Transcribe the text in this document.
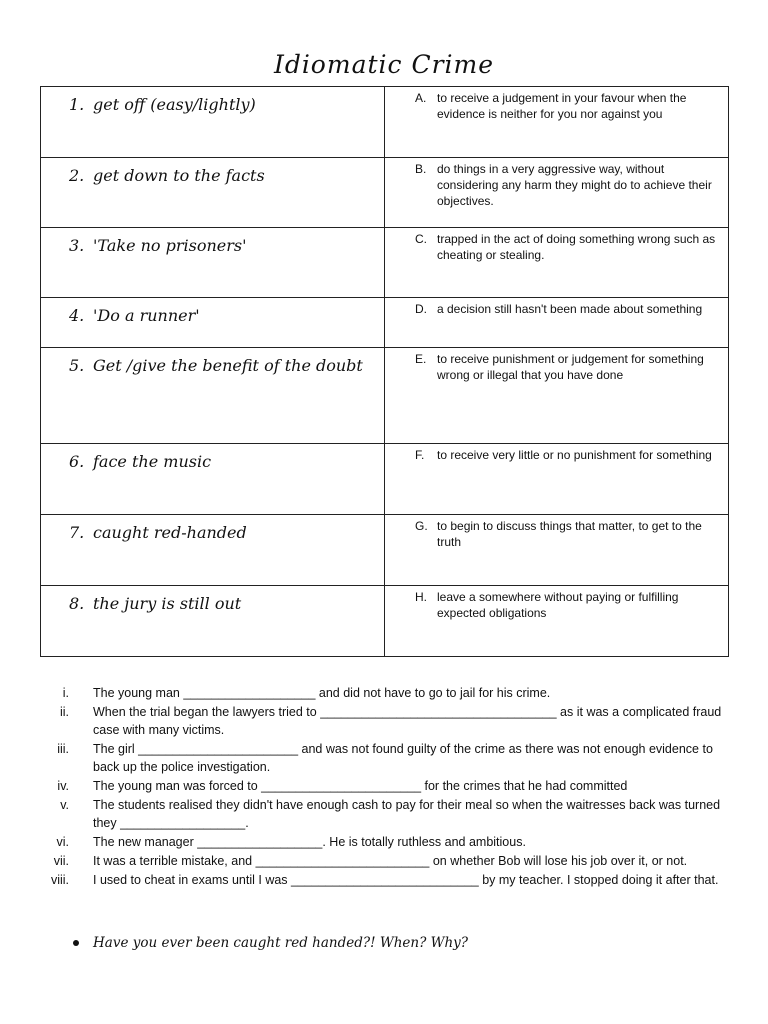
Idiomatic Crime
1. get off (easy/lightly)	A. to receive a judgement in your favour when the evidence is neither for you nor against you

2. get down to the facts	B. do things in a very aggressive way, without considering any harm they might do to achieve their objectives.

3. 'Take no prisoners'	C. trapped in the act of doing something wrong such as cheating or stealing.

4. 'Do a runner'	D. a decision still hasn't been made about something

5. Get /give the benefit of the doubt	E. to receive punishment or judgement for something wrong or illegal that you have done

6. face the music	F. to receive very little or no punishment for something

7. caught red-handed	G. to begin to discuss things that matter, to get to the truth

8. the jury is still out	H. leave a somewhere without paying or fulfilling expected obligations
i.	The young man ___________________ and did not have to go to jail for his crime.
ii.	When the trial began the lawyers tried to __________________________________ as it was a complicated fraud case with many victims.
iii.	The girl _______________________ and was not found guilty of the crime as there was not enough evidence to back up the police investigation.
iv.	The young man was forced to _______________________ for the crimes that he had committed
v.	The students realised they didn't have enough cash to pay for their meal so when the waitresses back was turned they __________________.
vi.	The new manager __________________. He is totally ruthless and ambitious.
vii.	It was a terrible mistake, and _________________________ on whether Bob will lose his job over it, or not.
viii.	I used to cheat in exams until I was ___________________________ by my teacher. I stopped doing it after that.
Have you ever been caught red handed?! When? Why?
